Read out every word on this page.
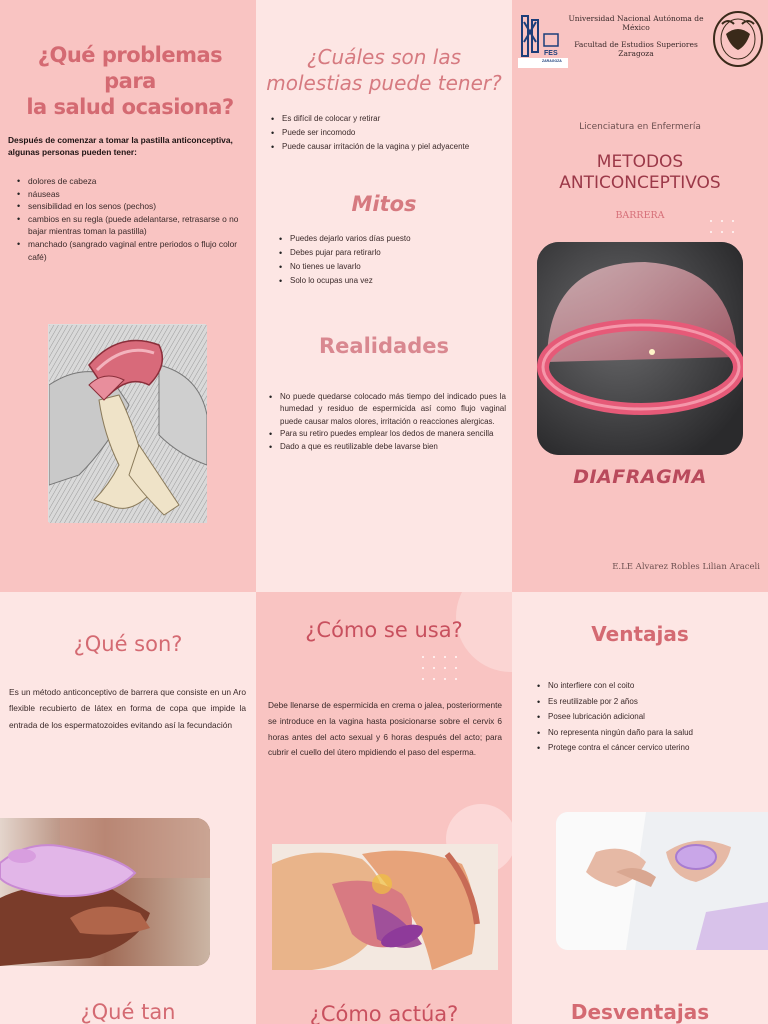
¿Qué problemas para
la salud ocasiona?
Después de comenzar a tomar la pastilla anticonceptiva, algunas personas pueden tener:
• dolores de cabeza
• náuseas
• sensibilidad en los senos (pechos)
• cambios en su regla (puede adelantarse, retrasarse o no bajar mientras toman la pastilla)
• manchado (sangrado vaginal entre periodos o flujo color café)
¿Cuáles son las
molestias puede tener?
• Es difícil de colocar y retirar
• Puede ser incomodo
• Puede causar irritación de la vagina y piel adyacente
Mitos
• Puedes dejarlo varios días puesto
• Debes pujar para retirarlo
• No tienes ue lavarlo
• Solo lo ocupas una vez
Realidades
• No puede quedarse colocado más tiempo del indicado pues la humedad y residuo de espermicida así como flujo vaginal puede causar malos olores, irritación o reacciones alergicas.
• Para su retiro puedes emplear los dedos de manera sencilla
• Dado a que es reutilizable debe lavarse bien
FES
ZARAGOZA
Universidad Nacional Autónoma de México
Facultad de Estudios Superiores Zaragoza
Licenciatura en Enfermería
METODOS
ANTICONCEPTIVOS
BARRERA
DIAFRAGMA
E.LE Alvarez Robles Lilian Araceli
¿Qué son?
Es un método anticonceptivo de barrera que consiste en un Aro flexible recubierto de látex en forma de copa que impide la entrada de los espermatozoides evitando así la fecundación
¿Qué tan
¿Cómo se usa?
Debe llenarse de espermicida en crema o jalea, posteriormente se introduce en la vagina hasta posicionarse sobre el cervix 6 horas antes del acto sexual y 6 horas después del acto; para cubrir el cuello del útero mpidiendo el paso del esperma.
¿Cómo actúa?
Ventajas
• No interfiere con el coito
• Es reutilizable por 2 años
• Posee lubricación adicional
• No representa ningún daño para la salud
• Protege contra el cáncer cervico uterino
Desventajas
